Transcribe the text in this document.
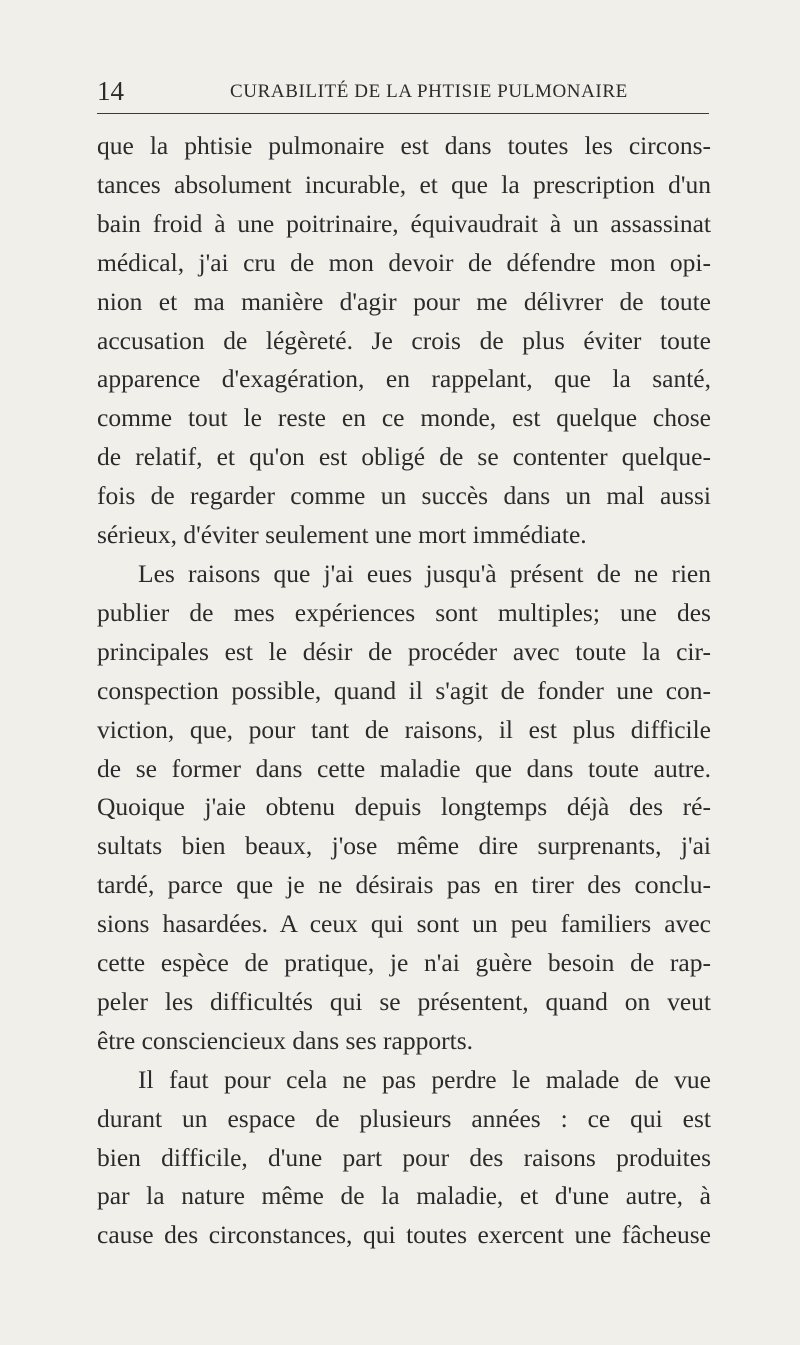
14	CURABILITÉ DE LA PHTISIE PULMONAIRE
que la phtisie pulmonaire est dans toutes les circons-
tances absolument incurable, et que la prescription d'un
bain froid à une poitrinaire, équivaudrait à un assassinat
médical, j'ai cru de mon devoir de défendre mon opi-
nion et ma manière d'agir pour me délivrer de toute
accusation de légèreté. Je crois de plus éviter toute
apparence d'exagération, en rappelant, que la santé,
comme tout le reste en ce monde, est quelque chose
de relatif, et qu'on est obligé de se contenter quelque-
fois de regarder comme un succès dans un mal aussi
sérieux, d'éviter seulement une mort immédiate.
Les raisons que j'ai eues jusqu'à présent de ne rien
publier de mes expériences sont multiples; une des
principales est le désir de procéder avec toute la cir-
conspection possible, quand il s'agit de fonder une con-
viction, que, pour tant de raisons, il est plus difficile
de se former dans cette maladie que dans toute autre.
Quoique j'aie obtenu depuis longtemps déjà des ré-
sultats bien beaux, j'ose même dire surprenants, j'ai
tardé, parce que je ne désirais pas en tirer des conclu-
sions hasardées. A ceux qui sont un peu familiers avec
cette espèce de pratique, je n'ai guère besoin de rap-
peler les difficultés qui se présentent, quand on veut
être consciencieux dans ses rapports.
Il faut pour cela ne pas perdre le malade de vue
durant un espace de plusieurs années : ce qui est
bien difficile, d'une part pour des raisons produites
par la nature même de la maladie, et d'une autre, à
cause des circonstances, qui toutes exercent une fâcheuse
